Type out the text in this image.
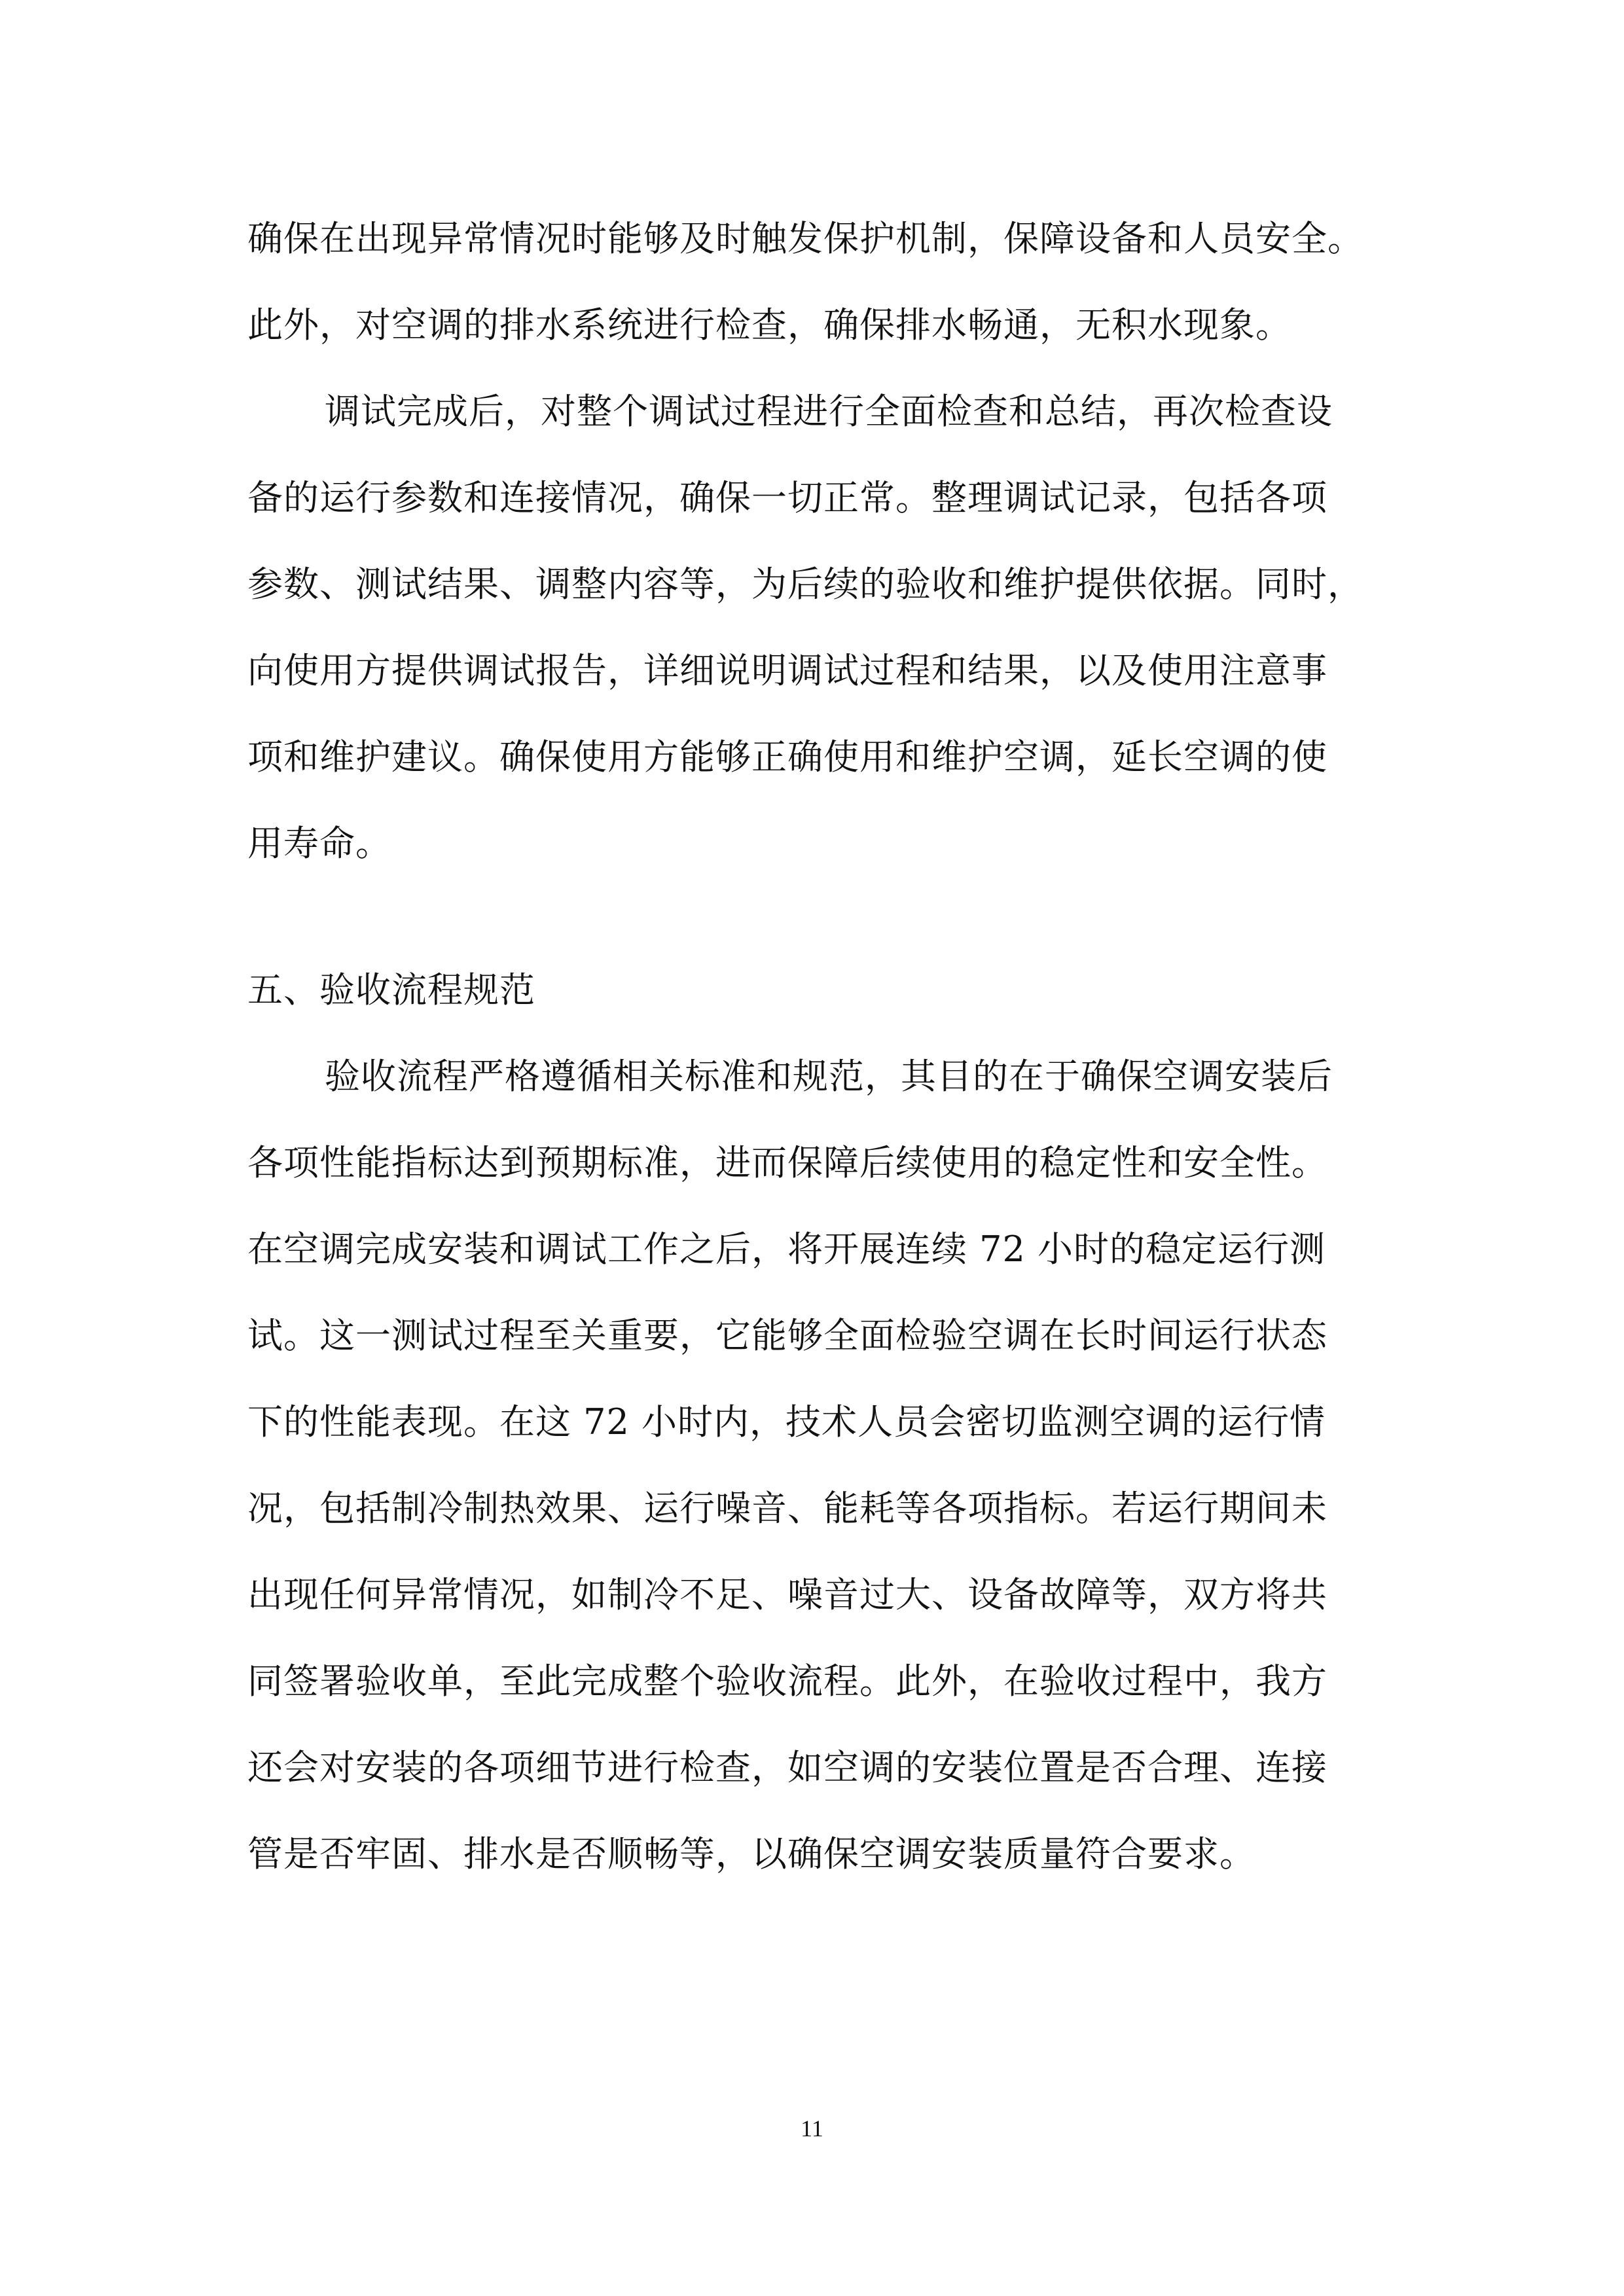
确保在出现异常情况时能够及时触发保护机制，保障设备和人员安全。
此外，对空调的排水系统进行检查，确保排水畅通，无积水现象。
调试完成后，对整个调试过程进行全面检查和总结，再次检查设
备的运行参数和连接情况，确保一切正常。整理调试记录，包括各项
参数、测试结果、调整内容等，为后续的验收和维护提供依据。同时，
向使用方提供调试报告，详细说明调试过程和结果，以及使用注意事
项和维护建议。确保使用方能够正确使用和维护空调，延长空调的使
用寿命。
五、验收流程规范
验收流程严格遵循相关标准和规范，其目的在于确保空调安装后
各项性能指标达到预期标准，进而保障后续使用的稳定性和安全性。
在空调完成安装和调试工作之后，将开展连续 72 小时的稳定运行测
试。这一测试过程至关重要，它能够全面检验空调在长时间运行状态
下的性能表现。在这 72 小时内，技术人员会密切监测空调的运行情
况，包括制冷制热效果、运行噪音、能耗等各项指标。若运行期间未
出现任何异常情况，如制冷不足、噪音过大、设备故障等，双方将共
同签署验收单，至此完成整个验收流程。此外，在验收过程中，我方
还会对安装的各项细节进行检查，如空调的安装位置是否合理、连接
管是否牢固、排水是否顺畅等，以确保空调安装质量符合要求。
11
